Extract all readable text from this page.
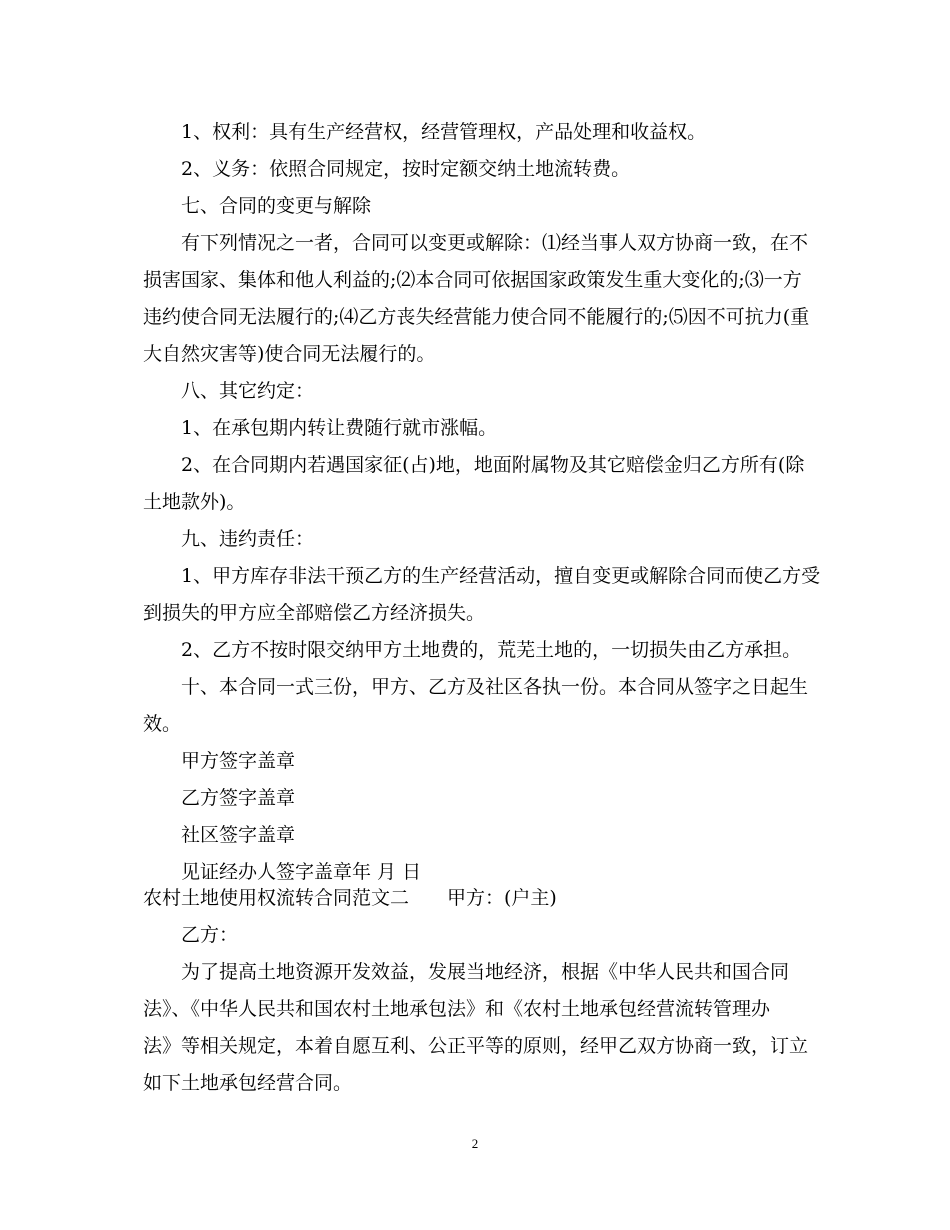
　　1、权利：具有生产经营权，经营管理权，产品处理和收益权。

　　2、义务：依照合同规定，按时定额交纳土地流转费。

　　七、合同的变更与解除

　　有下列情况之一者，合同可以变更或解除：⑴经当事人双方协商一致，在不
损害国家、集体和他人利益的;⑵本合同可依据国家政策发生重大变化的;⑶一方
违约使合同无法履行的;⑷乙方丧失经营能力使合同不能履行的;⑸因不可抗力(重
大自然灾害等)使合同无法履行的。

　　八、其它约定：

　　1、在承包期内转让费随行就市涨幅。

　　2、在合同期内若遇国家征(占)地，地面附属物及其它赔偿金归乙方所有(除
土地款外)。

　　九、违约责任：

　　1、甲方库存非法干预乙方的生产经营活动，擅自变更或解除合同而使乙方受
到损失的甲方应全部赔偿乙方经济损失。

　　2、乙方不按时限交纳甲方土地费的，荒芜土地的，一切损失由乙方承担。

　　十、本合同一式三份，甲方、乙方及社区各执一份。本合同从签字之日起生
效。

　　甲方签字盖章

　　乙方签字盖章

　　社区签字盖章

　　见证经办人签字盖章年 月 日

农村土地使用权流转合同范文二　　甲方：(户主)

　　乙方：

　　为了提高土地资源开发效益，发展当地经济，根据《中华人民共和国合同
法》、《中华人民共和国农村土地承包法》和《农村土地承包经营流转管理办
法》等相关规定，本着自愿互利、公正平等的原则，经甲乙双方协商一致，订立
如下土地承包经营合同。

2
